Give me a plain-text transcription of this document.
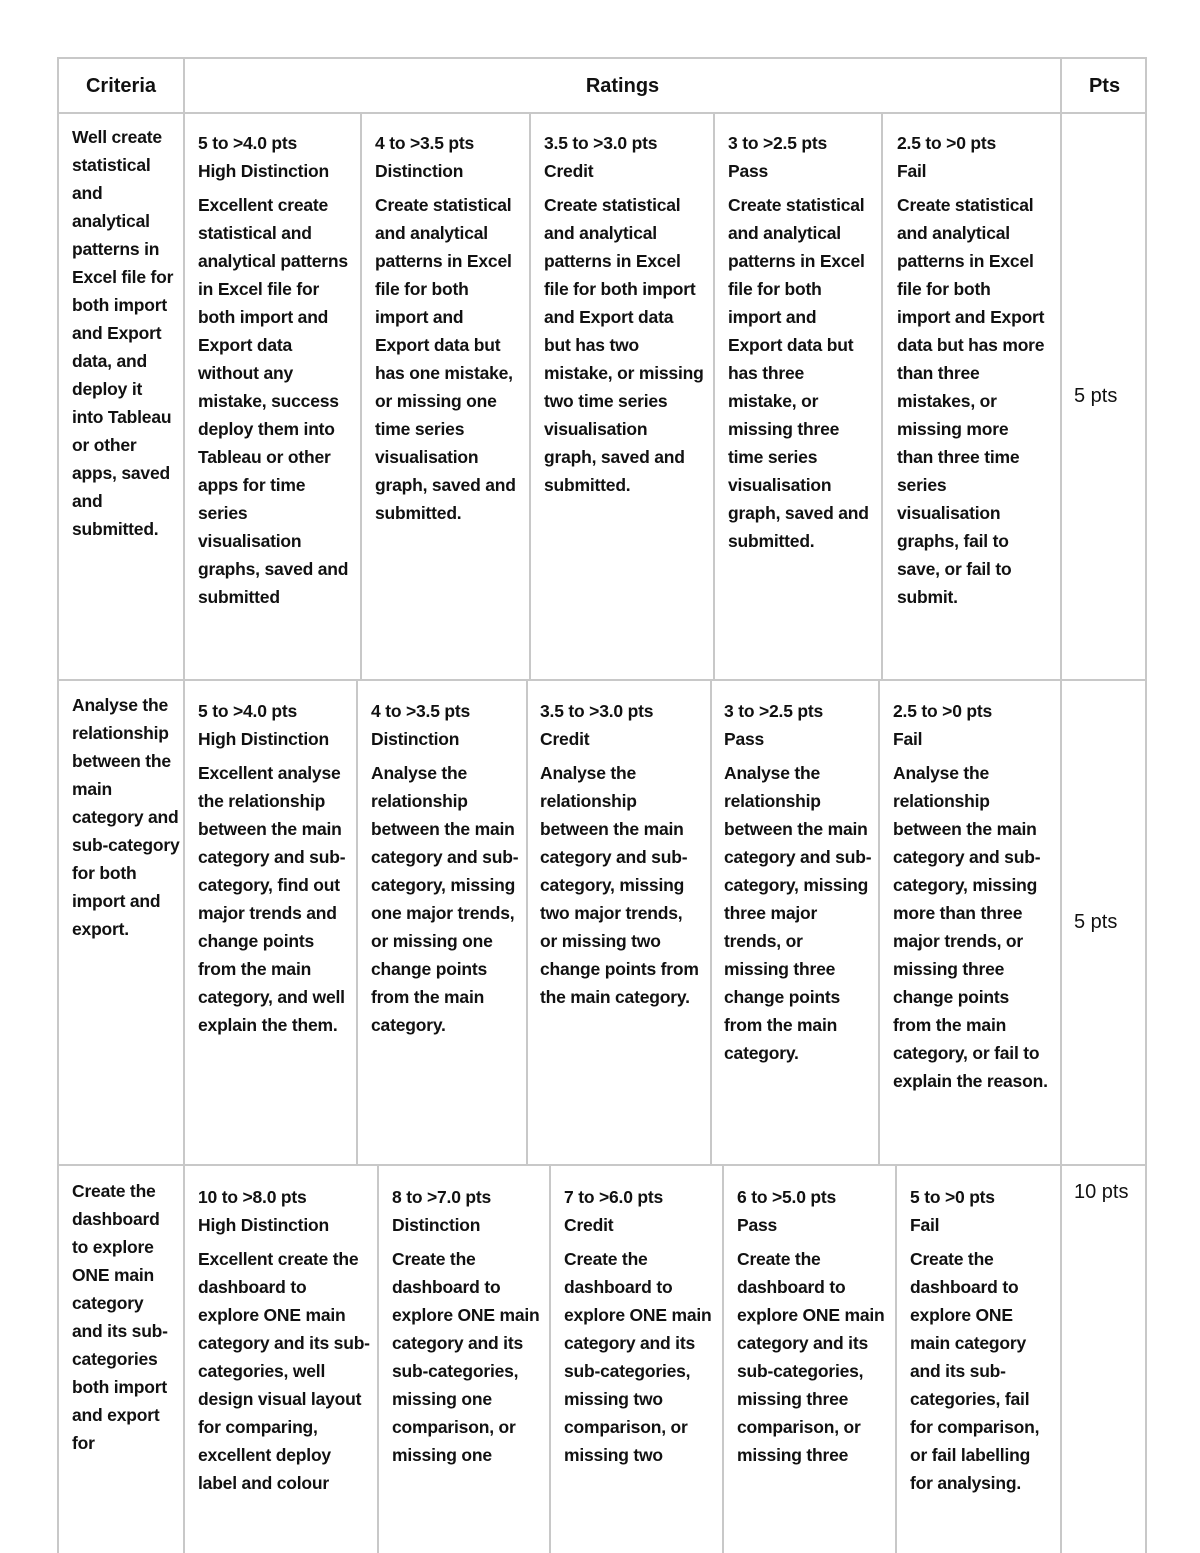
Criteria	Ratings	Pts
Well create statistical and analytical patterns in Excel file for both import and Export data, and deploy it into Tableau or other apps, saved and submitted.
5 to >4.0 pts
High Distinction
Excellent create statistical and analytical patterns in Excel file for both import and Export data without any mistake, success deploy them into Tableau or other apps for time series visualisation graphs, saved and submitted
4 to >3.5 pts
Distinction
Create statistical and analytical patterns in Excel file for both import and Export data but has one mistake, or missing one time series visualisation graph, saved and submitted.
3.5 to >3.0 pts
Credit
Create statistical and analytical patterns in Excel file for both import and Export data but has two mistake, or missing two time series visualisation graph, saved and submitted.
3 to >2.5 pts
Pass
Create statistical and analytical patterns in Excel file for both import and Export data but has three mistake, or missing three time series visualisation graph, saved and submitted.
2.5 to >0 pts
Fail
Create statistical and analytical patterns in Excel file for both import and Export data but has more than three mistakes, or missing more than three time series visualisation graphs, fail to save, or fail to submit.
5 pts
Analyse the relationship between the main category and sub-category for both import and export.
5 to >4.0 pts
High Distinction
Excellent analyse the relationship between the main category and sub-category, find out major trends and change points from the main category, and well explain the them.
4 to >3.5 pts
Distinction
Analyse the relationship between the main category and sub-category, missing one major trends, or missing one change points from the main category.
3.5 to >3.0 pts
Credit
Analyse the relationship between the main category and sub-category, missing two major trends, or missing two change points from the main category.
3 to >2.5 pts
Pass
Analyse the relationship between the main category and sub-category, missing three major trends, or missing three change points from the main category.
2.5 to >0 pts
Fail
Analyse the relationship between the main category and sub-category, missing more than three major trends, or missing three change points from the main category, or fail to explain the reason.
5 pts
Create the dashboard to explore ONE main category and its sub-categories both import and export for
10 to >8.0 pts
High Distinction
Excellent create the dashboard to explore ONE main category and its sub-categories, well design visual layout for comparing, excellent deploy label and colour
8 to >7.0 pts
Distinction
Create the dashboard to explore ONE main category and its sub-categories, missing one comparison, or missing one
7 to >6.0 pts
Credit
Create the dashboard to explore ONE main category and its sub-categories, missing two comparison, or missing two
6 to >5.0 pts
Pass
Create the dashboard to explore ONE main category and its sub-categories, missing three comparison, or missing three
5 to >0 pts
Fail
Create the dashboard to explore ONE main category and its sub-categories, fail for comparison, or fail labelling for analysing.
10 pts
